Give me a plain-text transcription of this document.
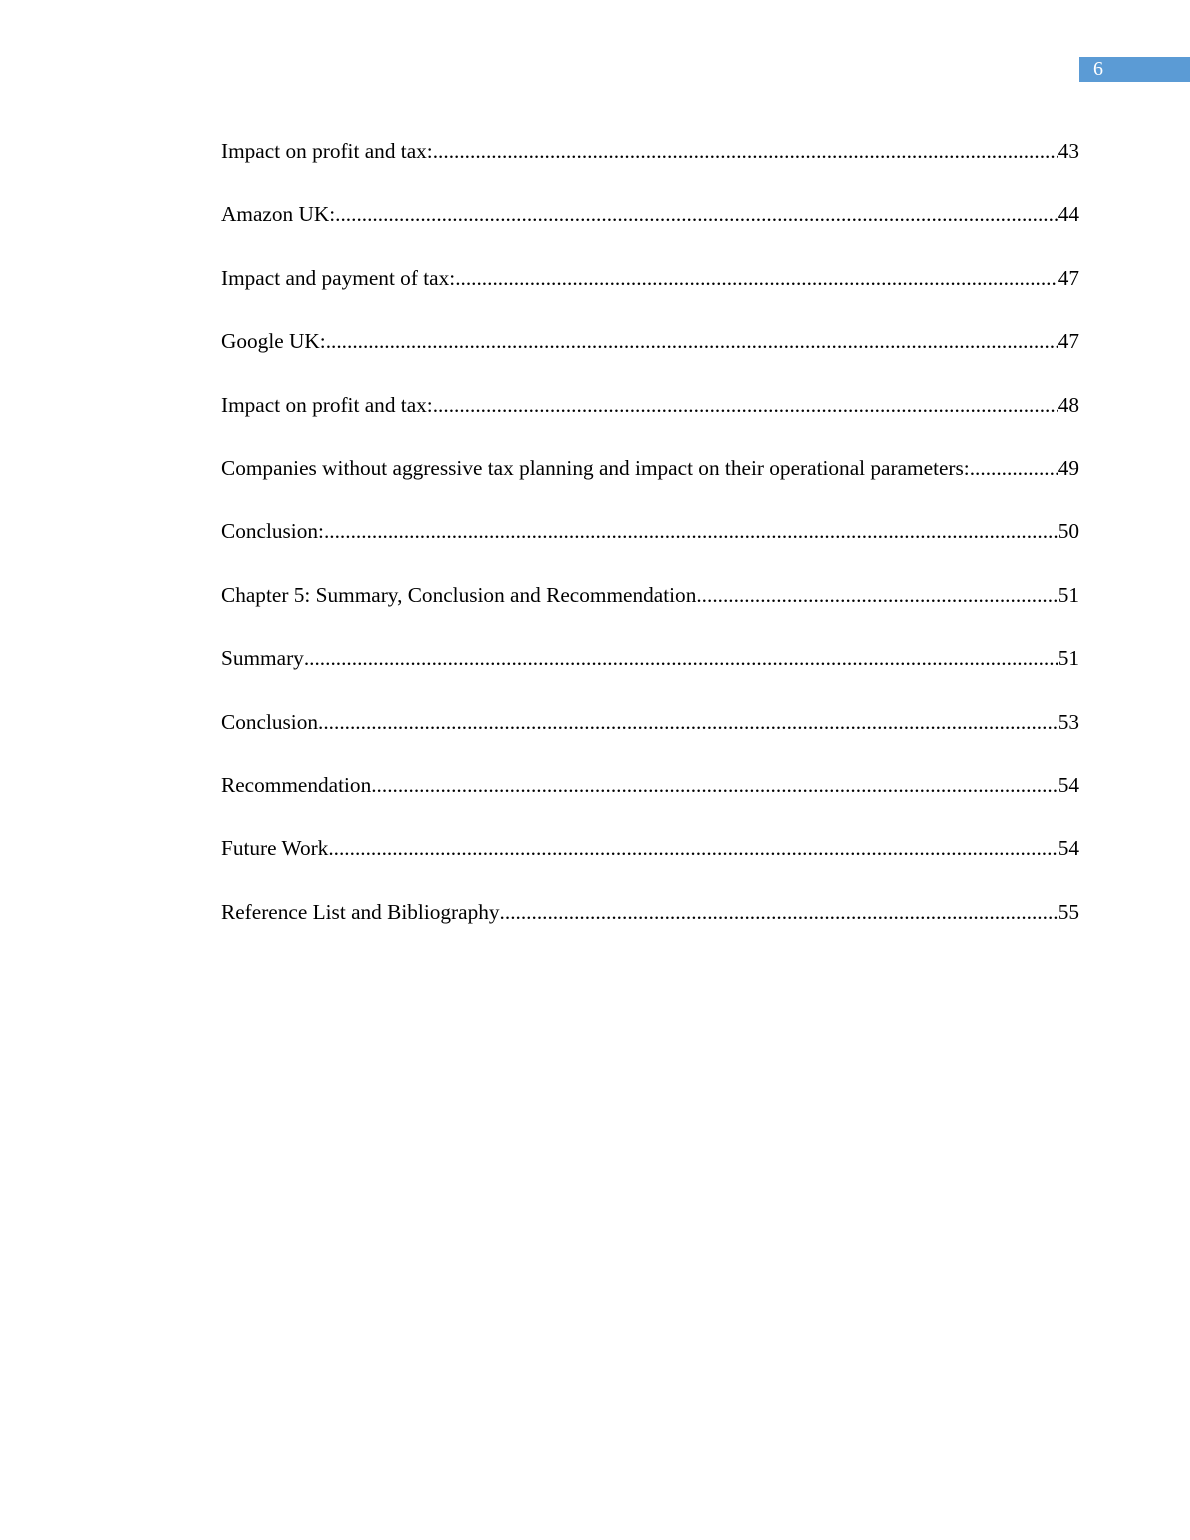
6
Impact on profit and tax: .....	43
Amazon UK: .....	44
Impact and payment of tax: .....	47
Google UK: .....	47
Impact on profit and tax: .....	48
Companies without aggressive tax planning and impact on their operational parameters: .....	49
Conclusion: .....	50
Chapter 5: Summary, Conclusion and Recommendation .....	51
Summary .....	51
Conclusion .....	53
Recommendation .....	54
Future Work .....	54
Reference List and Bibliography .....	55
